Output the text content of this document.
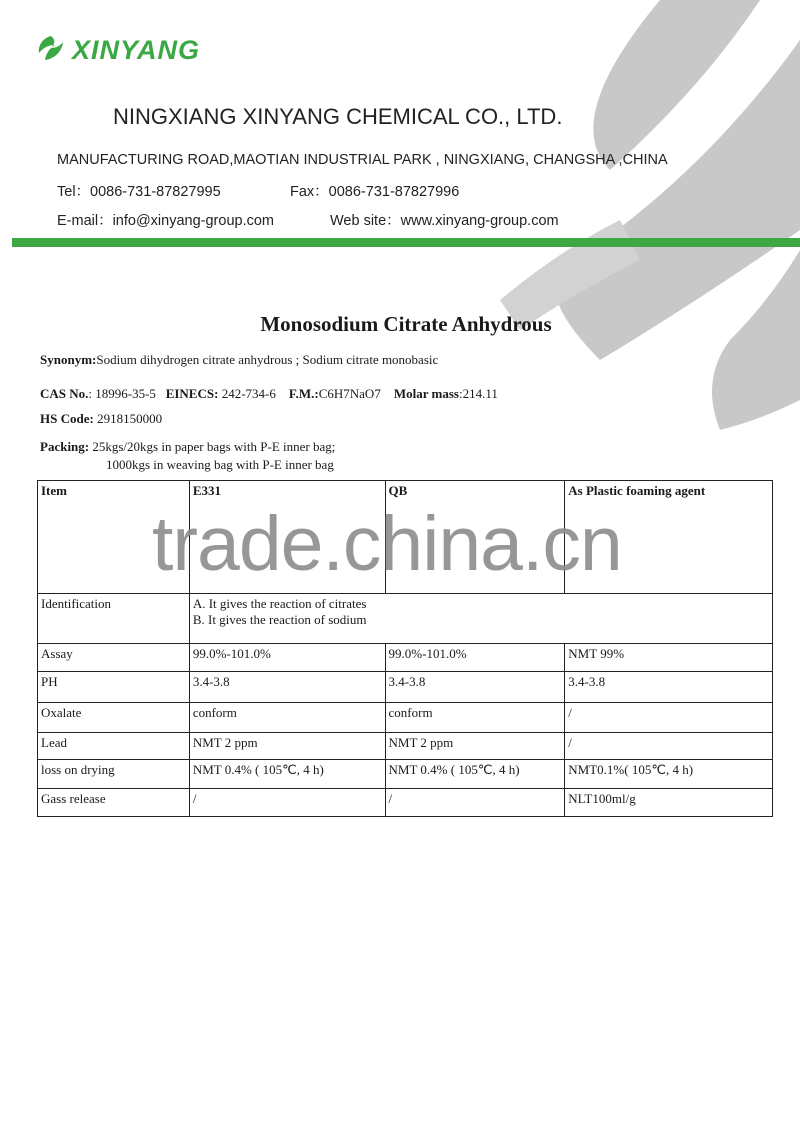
XINYANG
NINGXIANG XINYANG CHEMICAL CO., LTD.
MANUFACTURING ROAD,MAOTIAN INDUSTRIAL PARK , NINGXIANG, CHANGSHA ,CHINA
Tel：0086-731-87827995	Fax：0086-731-87827996
E-mail：info@xinyang-group.com	Web site：www.xinyang-group.com
Monosodium Citrate Anhydrous
Synonym:Sodium dihydrogen citrate anhydrous ; Sodium citrate monobasic
CAS No.: 18996-35-5 EINECS: 242-734-6 F.M.:C6H7NaO7 Molar mass:214.11
HS Code: 2918150000
Packing: 25kgs/20kgs in paper bags with P-E inner bag;
1000kgs in weaving bag with P-E inner bag
Item	E331	QB	As Plastic foaming agent
Identification	A. It gives the reaction of citrates
B. It gives the reaction of sodium		

Assay	99.0%-101.0%	99.0%-101.0%	NMT 99%
PH	3.4-3.8	3.4-3.8	3.4-3.8
Oxalate	conform	conform	/
Lead	NMT 2 ppm	NMT 2 ppm	/
loss on drying	NMT 0.4% ( 105℃, 4 h)	NMT 0.4% ( 105℃, 4 h)	NMT0.1%( 105℃, 4 h)
Gass release	/	/	NLT100ml/g
trade.china.cn
